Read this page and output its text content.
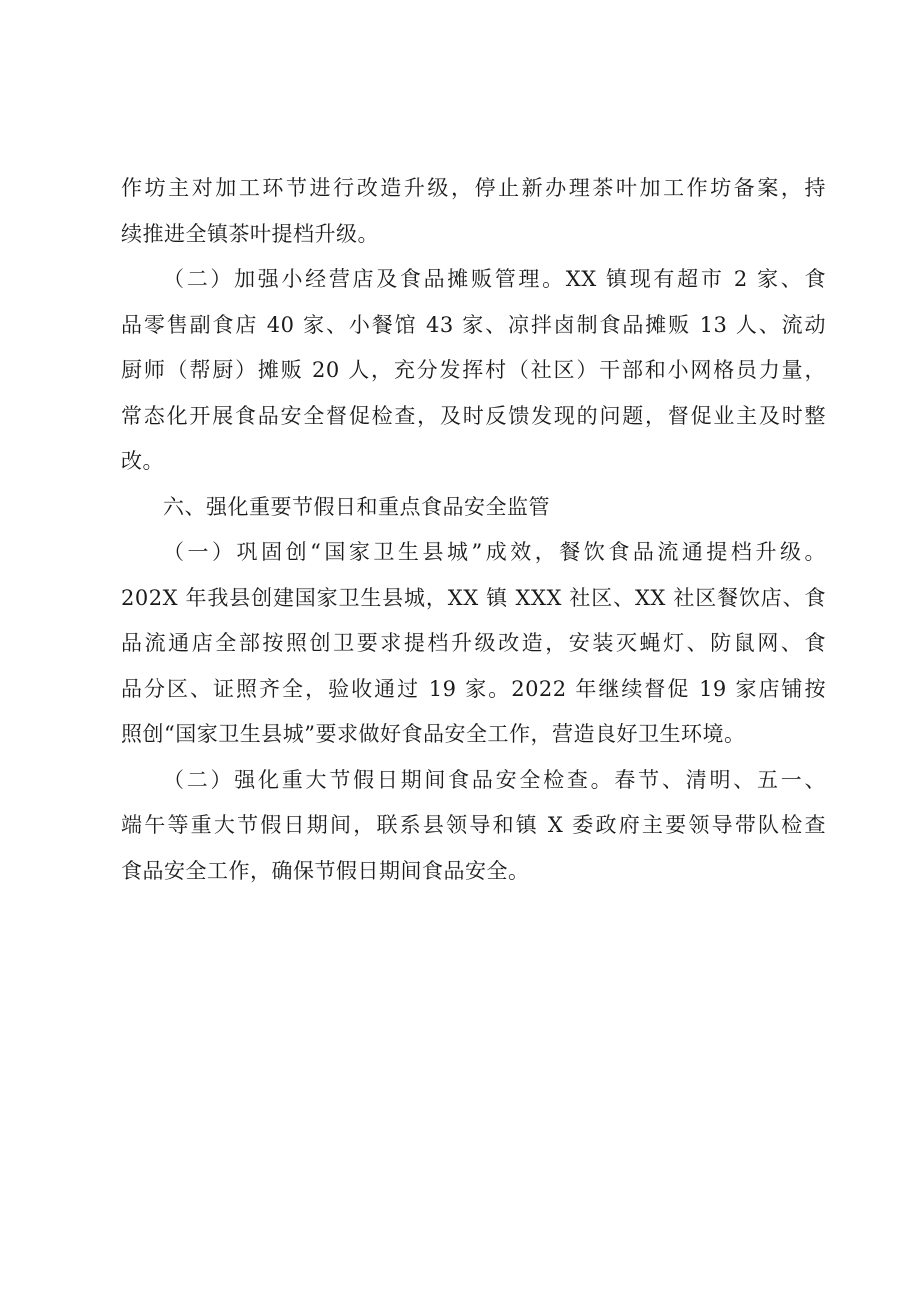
作坊主对加工环节进行改造升级，停止新办理茶叶加工作坊备案，持
续推进全镇茶叶提档升级。
（二）加强小经营店及食品摊贩管理。XX 镇现有超市 2 家、食
品零售副食店 40 家、小餐馆 43 家、凉拌卤制食品摊贩 13 人、流动
厨师（帮厨）摊贩 20 人，充分发挥村（社区）干部和小网格员力量，
常态化开展食品安全督促检查，及时反馈发现的问题，督促业主及时整
改。
六、强化重要节假日和重点食品安全监管
（一）巩固创“国家卫生县城”成效，餐饮食品流通提档升级。
202X 年我县创建国家卫生县城，XX 镇 XXX 社区、XX 社区餐饮店、食
品流通店全部按照创卫要求提档升级改造，安装灭蝇灯、防鼠网、食
品分区、证照齐全，验收通过 19 家。2022 年继续督促 19 家店铺按
照创“国家卫生县城”要求做好食品安全工作，营造良好卫生环境。
（二）强化重大节假日期间食品安全检查。春节、清明、五一、
端午等重大节假日期间，联系县领导和镇 X 委政府主要领导带队检查
食品安全工作，确保节假日期间食品安全。
